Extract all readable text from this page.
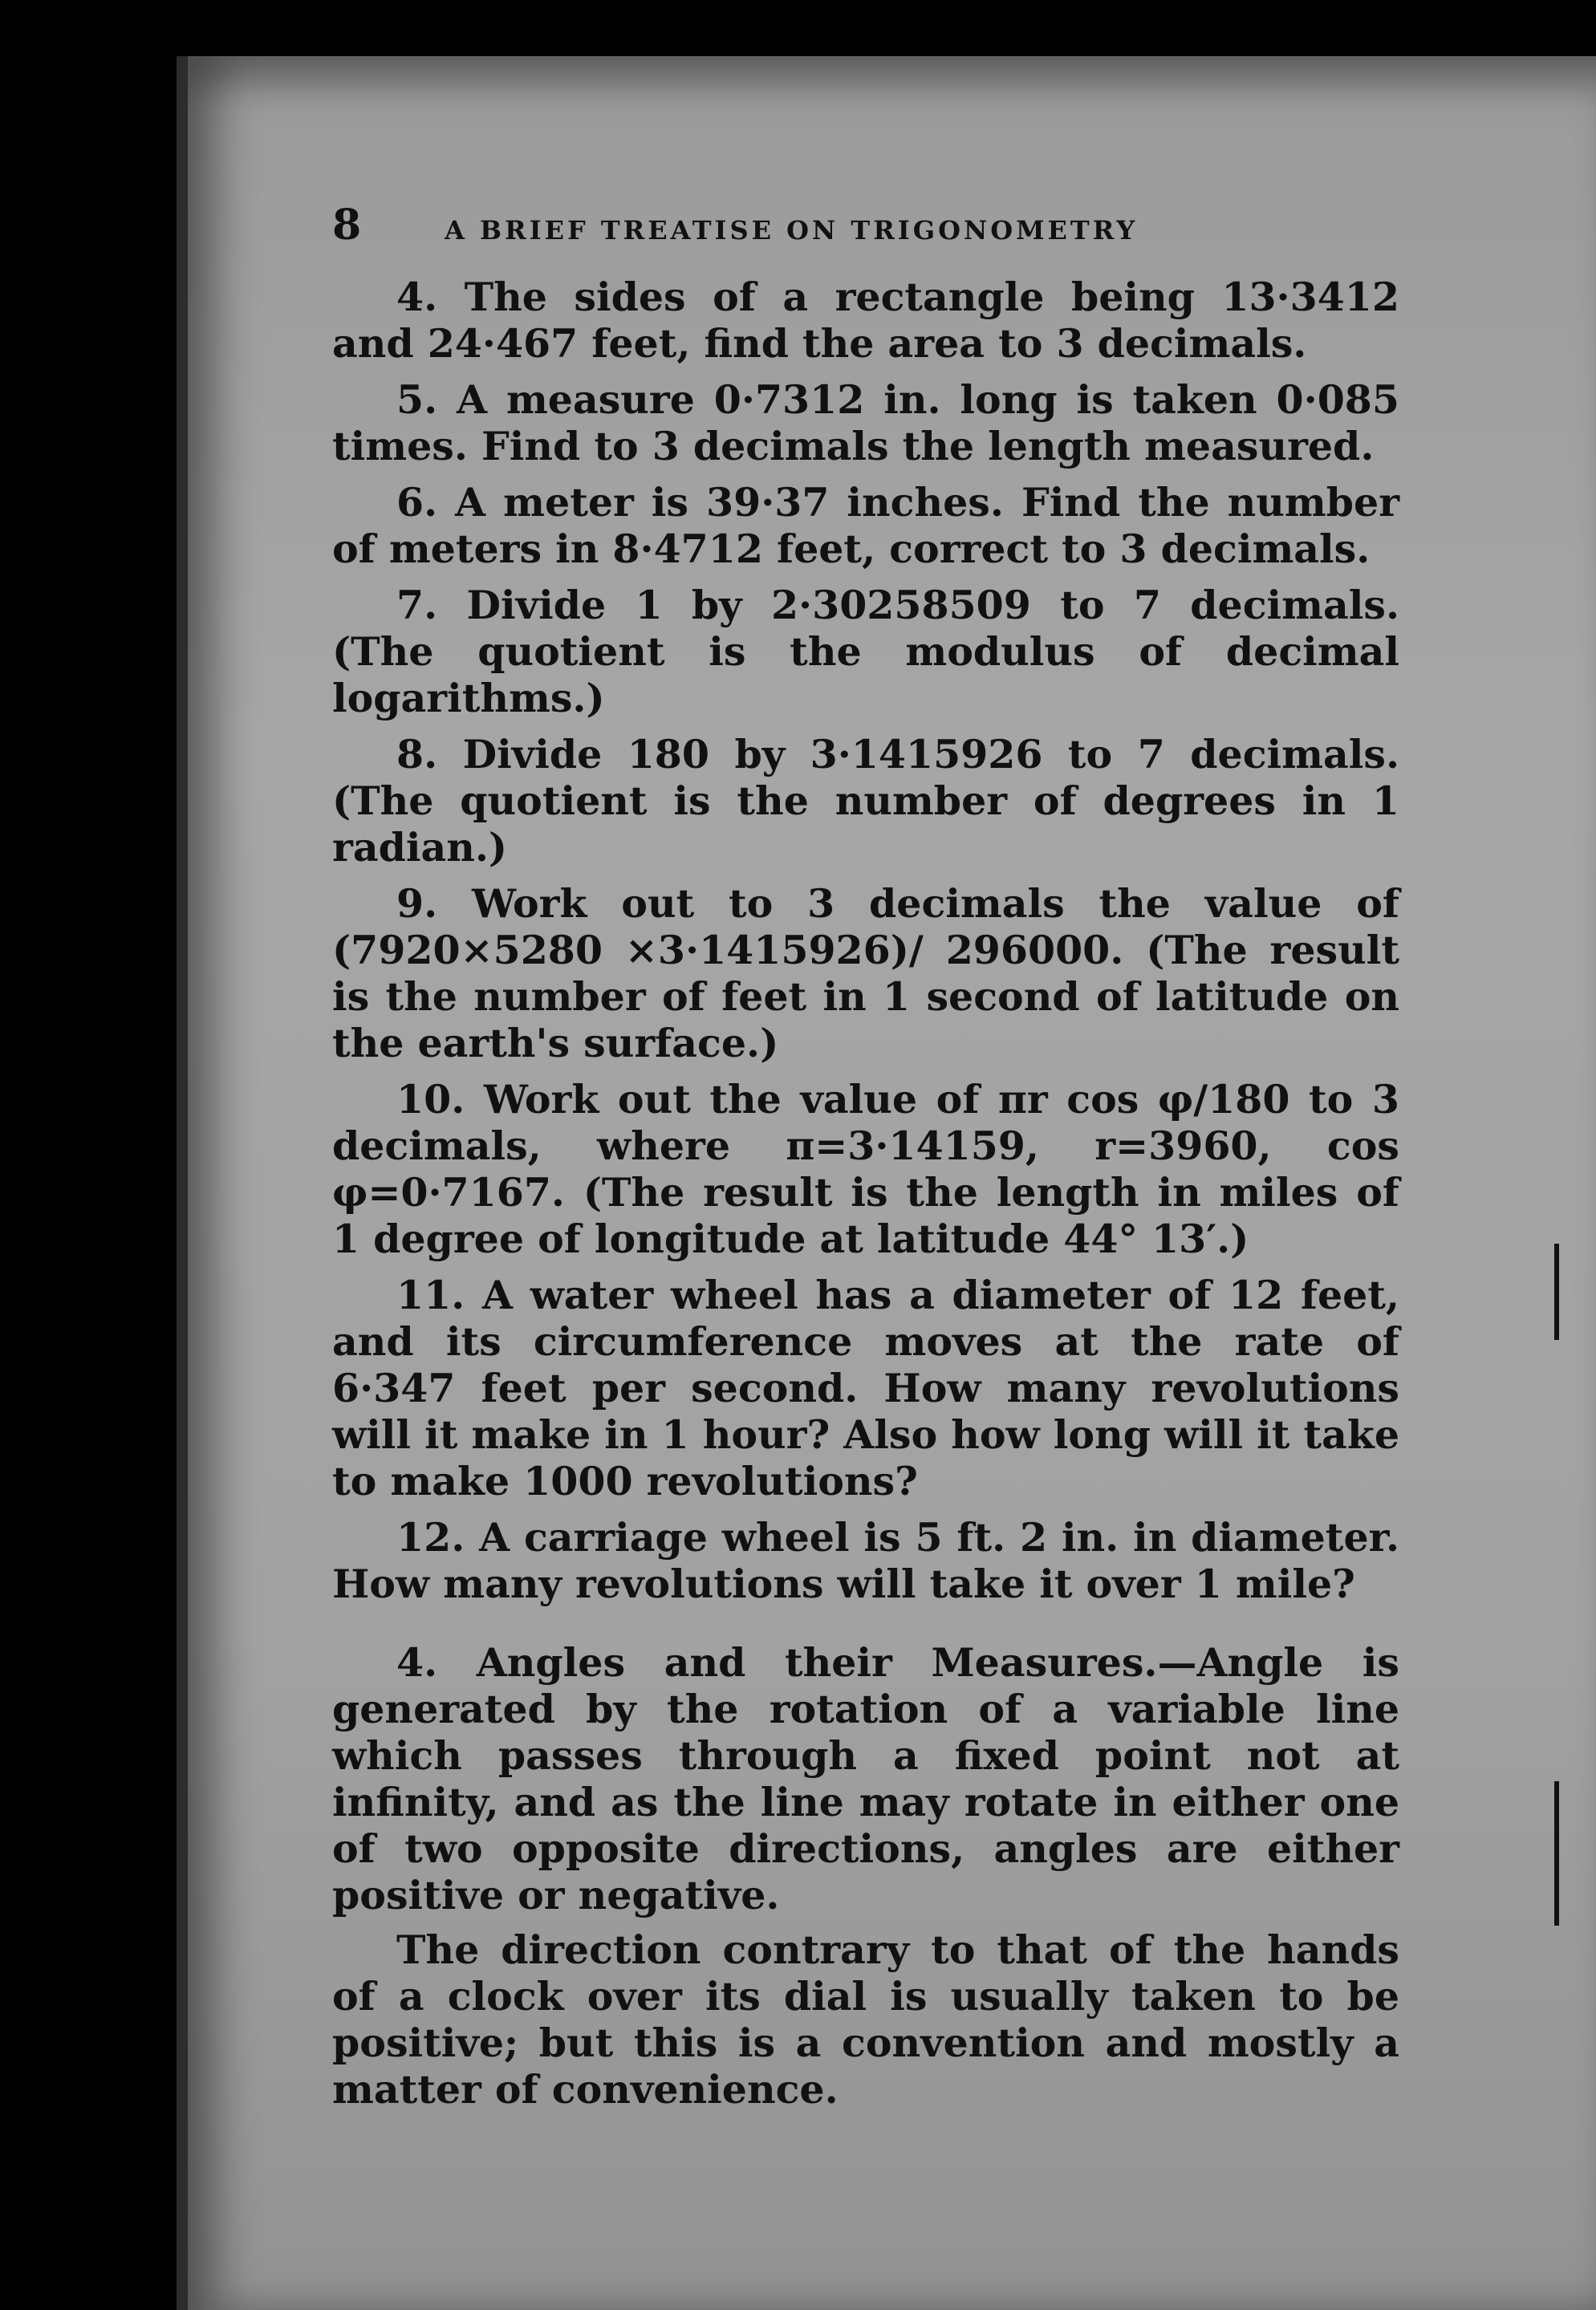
8	A BRIEF TREATISE ON TRIGONOMETRY

4. The sides of a rectangle being 13·3412 and 24·467 feet, find the area to 3 decimals.

5. A measure 0·7312 in. long is taken 0·085 times. Find to 3 decimals the length measured.

6. A meter is 39·37 inches. Find the number of meters in 8·4712 feet, correct to 3 decimals.

7. Divide 1 by 2·30258509 to 7 decimals. (The quotient is the modulus of decimal logarithms.)

8. Divide 180 by 3·1415926 to 7 decimals. (The quotient is the number of degrees in 1 radian.)

9. Work out to 3 decimals the value of (7920×5280 ×3·1415926)/ 296000. (The result is the number of feet in 1 second of latitude on the earth's surface.)

10. Work out the value of πr cos φ/180 to 3 decimals, where π=3·14159, r=3960, cos φ=0·7167. (The result is the length in miles of 1 degree of longitude at latitude 44° 13′.)

11. A water wheel has a diameter of 12 feet, and its circumference moves at the rate of 6·347 feet per second. How many revolutions will it make in 1 hour? Also how long will it take to make 1000 revolutions?

12. A carriage wheel is 5 ft. 2 in. in diameter. How many revolutions will take it over 1 mile?

4. Angles and their Measures.—Angle is generated by the rotation of a variable line which passes through a fixed point not at infinity, and as the line may rotate in either one of two opposite directions, angles are either positive or negative.

The direction contrary to that of the hands of a clock over its dial is usually taken to be positive; but this is a convention and mostly a matter of convenience.
